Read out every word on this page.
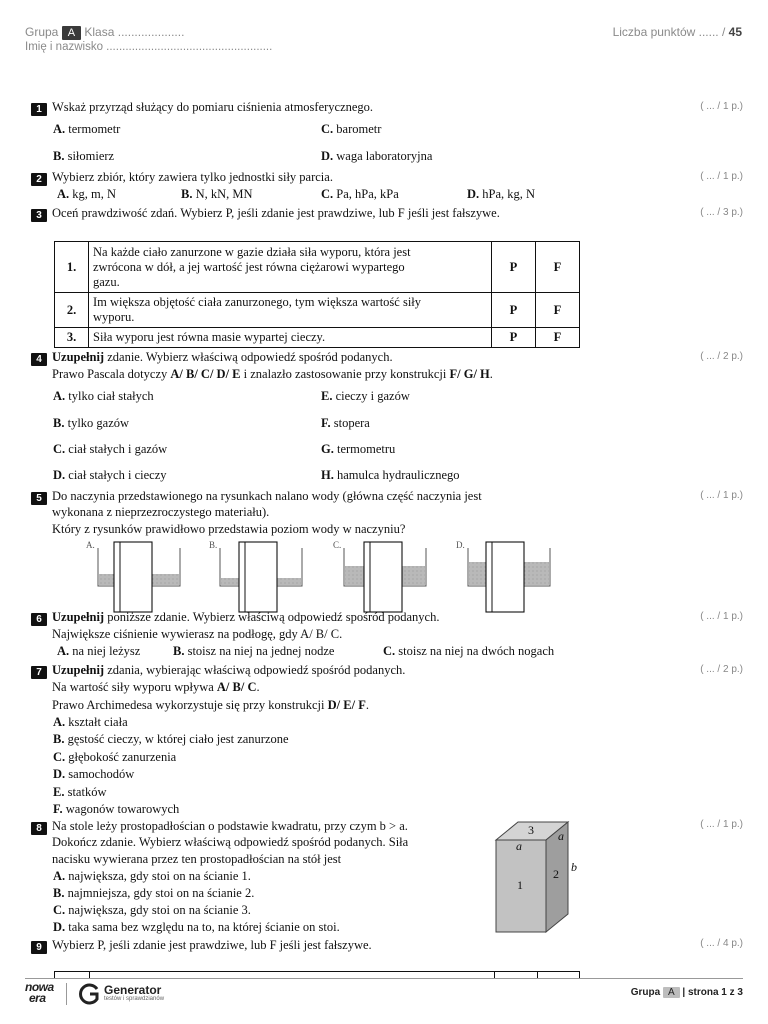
Grupa A Klasa ....................
Imię i nazwisko ....................................................
Liczba punktów ...... / 45
1 Wskaż przyrząd służący do pomiaru ciśnienia atmosferycznego.	( ... / 1 p.)
A. termometr	C. barometr
B. siłomierz	D. waga laboratoryjna
2 Wybierz zbiór, który zawiera tylko jednostki siły parcia.	( ... / 1 p.)
A. kg, m, N	B. N, kN, MN	C. Pa, hPa, kPa	D. hPa, kg, N
3 Oceń prawdziwość zdań. Wybierz P, jeśli zdanie jest prawdziwe, lub F jeśli jest fałszywe.	( ... / 3 p.)
1.	Na każde ciało zanurzone w gazie działa siła wyporu, która jest
zwrócona w dół, a jej wartość jest równa ciężarowi wypartego
gazu.	P	F
2.	Im większa objętość ciała zanurzonego, tym większa wartość siły
wyporu.	P	F
3.	Siła wyporu jest równa masie wypartej cieczy.	P	F
4 Uzupełnij zdanie. Wybierz właściwą odpowiedź spośród podanych.	( ... / 2 p.)
Prawo Pascala dotyczy A/ B/ C/ D/ E i znalazło zastosowanie przy konstrukcji F/ G/ H.
A. tylko ciał stałych	E. cieczy i gazów
B. tylko gazów	F. stopera
C. ciał stałych i gazów	G. termometru
D. ciał stałych i cieczy	H. hamulca hydraulicznego
5 Do naczynia przedstawionego na rysunkach nalano wody (główna część naczynia jest
wykonana z nieprzezroczystego materiału).
Który z rysunków prawidłowo przedstawia poziom wody w naczyniu?
( ... / 1 p.)
A.	B.	C.	D.
6 Uzupełnij poniższe zdanie. Wybierz właściwą odpowiedź spośród podanych.	( ... / 1 p.)
Największe ciśnienie wywierasz na podłogę, gdy A/ B/ C.
A. na niej leżysz	B. stoisz na niej na jednej nodze	C. stoisz na niej na dwóch nogach
7 Uzupełnij zdania, wybierając właściwą odpowiedź spośród podanych.	( ... / 2 p.)
Na wartość siły wyporu wpływa A/ B/ C.
Prawo Archimedesa wykorzystuje się przy konstrukcji D/ E/ F.
A. kształt ciała
B. gęstość cieczy, w której ciało jest zanurzone
C. głębokość zanurzenia
D. samochodów
E. statków
F. wagonów towarowych
8 Na stole leży prostopadłościan o podstawie kwadratu, przy czym b > a.
Dokończ zdanie. Wybierz właściwą odpowiedź spośród podanych. Siła
nacisku wywierana przez ten prostopadłościan na stół jest
( ... / 1 p.)
A. największa, gdy stoi on na ścianie 1.
B. najmniejsza, gdy stoi on na ścianie 2.
C. największa, gdy stoi on na ścianie 3.
D. taka sama bez względu na to, na której ścianie on stoi.
3 a
a
1
2 b
9 Wybierz P, jeśli zdanie jest prawdziwe, lub F jeśli jest fałszywe.	( ... / 4 p.)
nowa
era
Generator
testów i sprawdzianów
Grupa A | strona 1 z 3
